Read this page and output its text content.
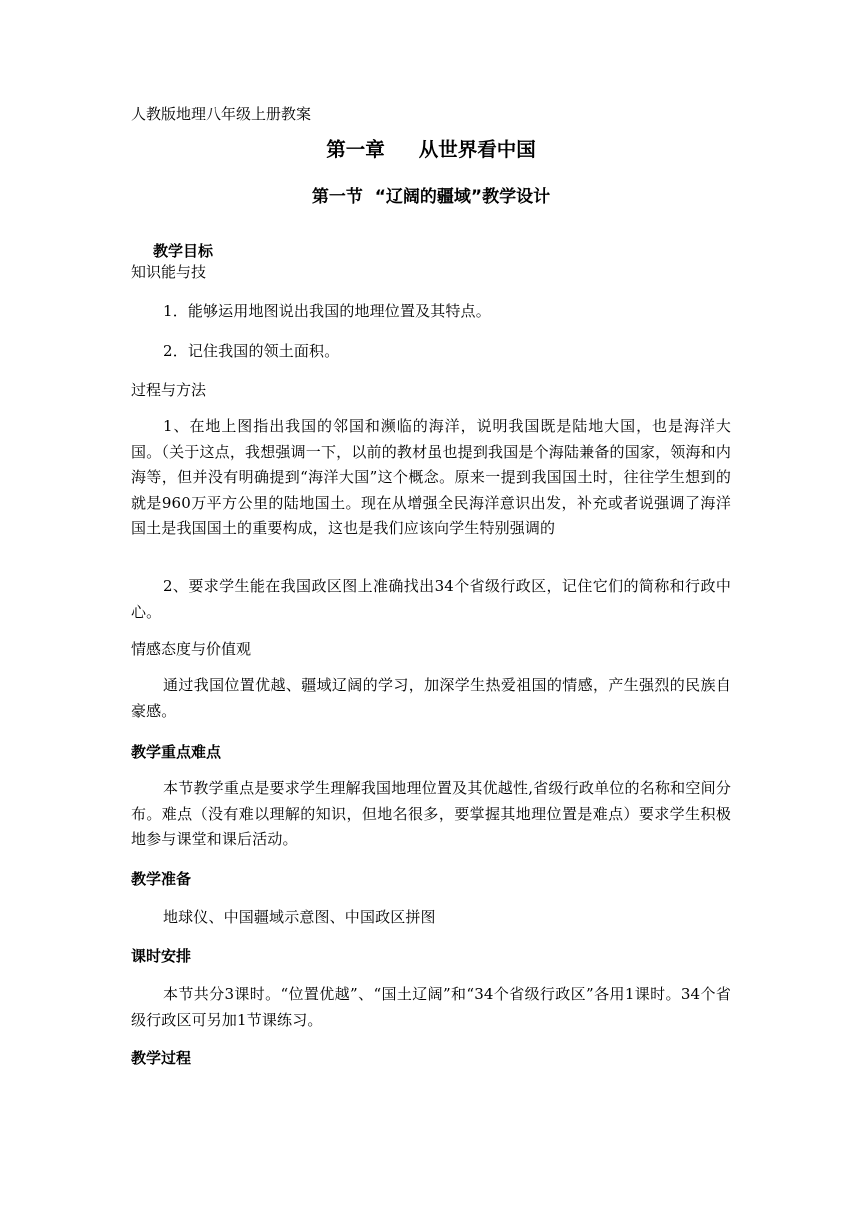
人教版地理八年级上册教案

第一章     从世界看中国

第一节  “辽阔的疆域”教学设计

教学目标

知识能与技

1．能够运用地图说出我国的地理位置及其特点。

2．记住我国的领土面积。

过程与方法

1、在地上图指出我国的邻国和濒临的海洋，说明我国既是陆地大国，也是海洋大国。（关于这点，我想强调一下，以前的教材虽也提到我国是个海陆兼备的国家，领海和内海等，但并没有明确提到“海洋大国”这个概念。原来一提到我国国土时，往往学生想到的就是960万平方公里的陆地国土。现在从增强全民海洋意识出发，补充或者说强调了海洋国土是我国国土的重要构成，这也是我们应该向学生特别强调的

2、要求学生能在我国政区图上准确找出34个省级行政区，记住它们的简称和行政中心。

情感态度与价值观

通过我国位置优越、疆域辽阔的学习，加深学生热爱祖国的情感，产生强烈的民族自豪感。

教学重点难点

本节教学重点是要求学生理解我国地理位置及其优越性,省级行政单位的名称和空间分布。难点（没有难以理解的知识，但地名很多，要掌握其地理位置是难点）要求学生积极地参与课堂和课后活动。

教学准备

地球仪、中国疆域示意图、中国政区拼图

课时安排

本节共分3课时。“位置优越”、“国土辽阔”和“34个省级行政区”各用1课时。34个省级行政区可另加1节课练习。

教学过程
